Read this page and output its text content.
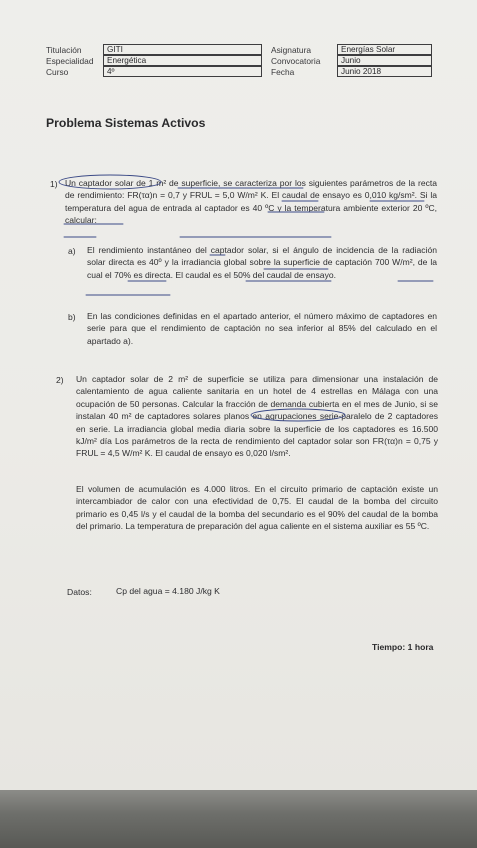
Titulación
Especialidad
Curso
GITI
Energética
4º
Asignatura
Convocatoria
Fecha
Energías Solar
Junio
Junio 2018
Problema Sistemas Activos
1) Un captador solar de 1 m² de superficie, se caracteriza por los siguientes parámetros de la recta de rendimiento: FR(τα)n = 0,7 y FRUL = 5,0 W/m² K. El caudal de ensayo es 0,010 kg/sm². Si la temperatura del agua de entrada al captador es 40 ºC y la temperatura ambiente exterior 20 ºC, calcular:
a) El rendimiento instantáneo del captador solar, si el ángulo de incidencia de la radiación solar directa es 40º y la irradiancia global sobre la superficie de captación 700 W/m², de la cual el 70% es directa. El caudal es el 50% del caudal de ensayo.
b) En las condiciones definidas en el apartado anterior, el número máximo de captadores en serie para que el rendimiento de captación no sea inferior al 85% del calculado en el apartado a).
2) Un captador solar de 2 m² de superficie se utiliza para dimensionar una instalación de calentamiento de agua caliente sanitaria en un hotel de 4 estrellas en Málaga con una ocupación de 50 personas. Calcular la fracción de demanda cubierta en el mes de Junio, si se instalan 40 m² de captadores solares planos en agrupaciones serie-paralelo de 2 captadores en serie. La irradiancia global media diaria sobre la superficie de los captadores es 16.500 kJ/m² día Los parámetros de la recta de rendimiento del captador solar son FR(τα)n = 0,75 y FRUL = 4,5 W/m² K. El caudal de ensayo es 0,020 l/sm².
El volumen de acumulación es 4.000 litros. En el circuito primario de captación existe un intercambiador de calor con una efectividad de 0,75. El caudal de la bomba del circuito primario es 0,45 l/s y el caudal de la bomba del secundario es el 90% del caudal de la bomba del primario. La temperatura de preparación del agua caliente en el sistema auxiliar es 55 ºC.
Datos:	Cp del agua = 4.180 J/kg K
Tiempo: 1 hora
